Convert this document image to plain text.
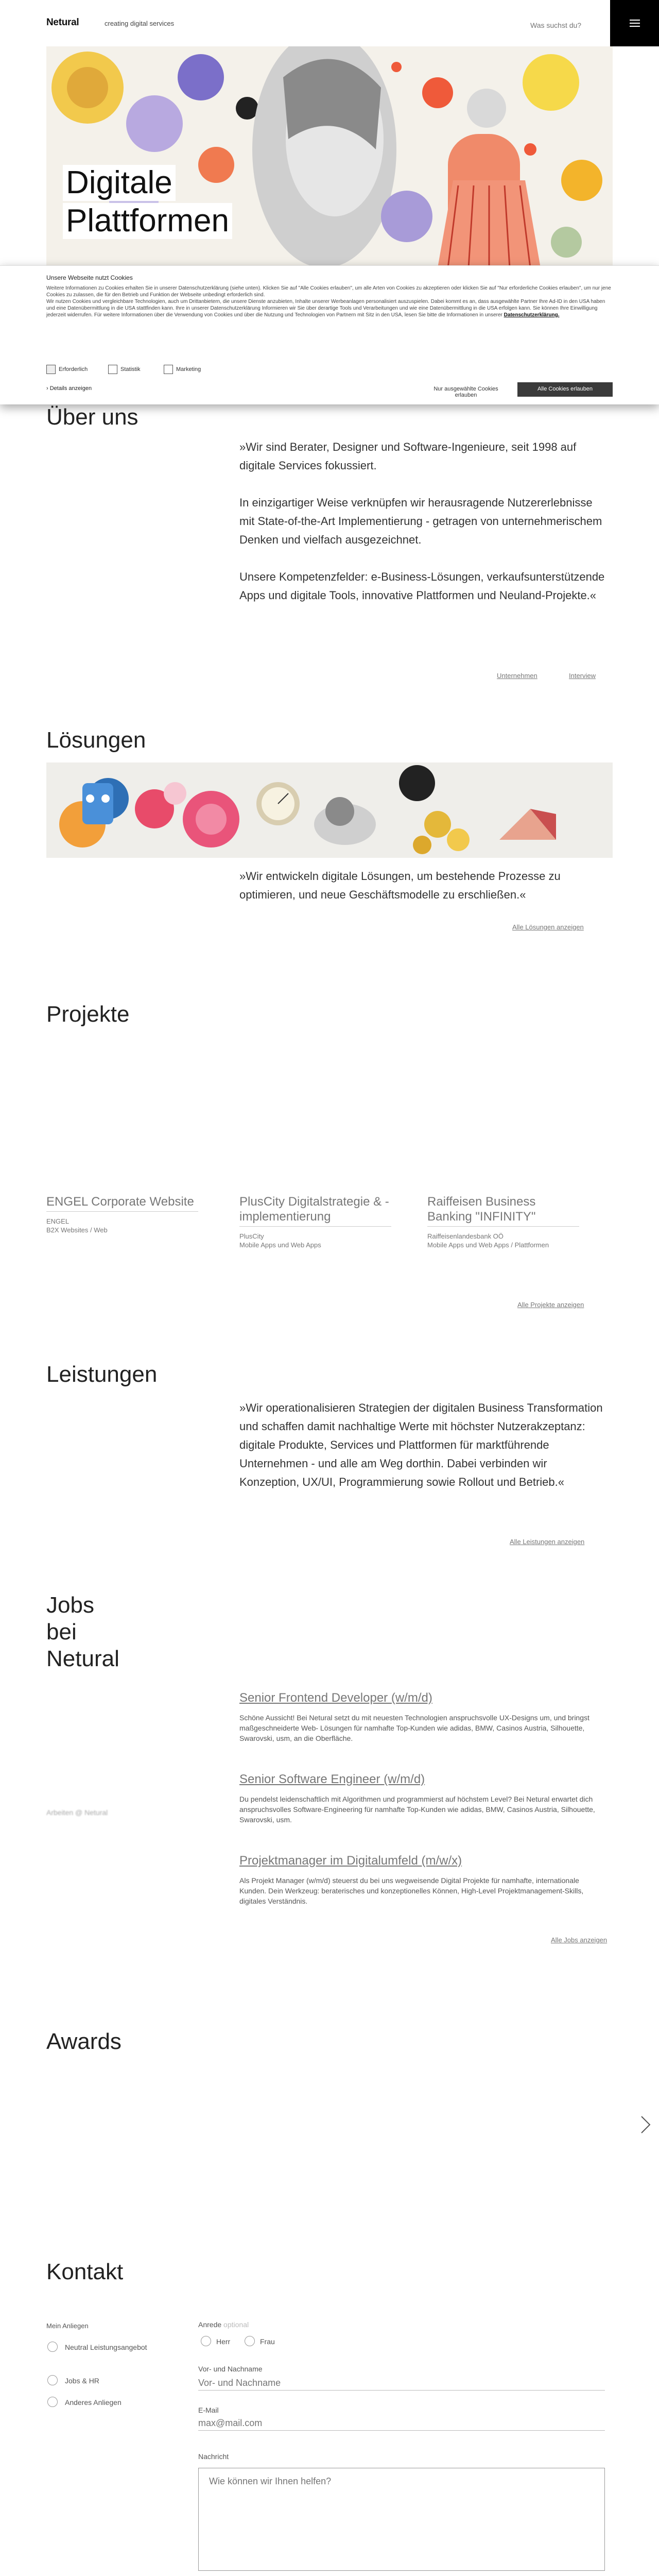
Netural	creating digital services
Was suchst du?
Digitale
Plattformen
Unsere Webseite nutzt Cookies
Weitere Informationen zu Cookies erhalten Sie in unserer Datenschutzerklärung (siehe unten). Klicken Sie auf "Alle Cookies erlauben", um alle Arten von Cookies zu akzeptieren oder klicken Sie auf "Nur erforderliche Cookies erlauben", um nur jene Cookies zu zulassen, die für den Betrieb und Funktion der Webseite unbedingt erforderlich sind.
Wir nutzen Cookies und vergleichbare Technologien, auch um Drittanbietern, die unsere Dienste anzubieten, Inhalte unserer Werbeanlagen personalisiert auszuspielen. Dabei kommt es an, dass ausgewählte Partner Ihre Ad-ID in den USA haben und eine Datenübermittlung in die USA stattfinden kann. Ihre in unserer Datenschutzerklärung Informieren wir Sie über derartige Tools und Verarbeitungen und wie eine Datenübermittlung in die USA erfolgen kann. Sie können Ihre Einwilligung jederzeit widerrufen. Für weitere Informationen über die Verwendung von Cookies und über die Nutzung und Technologien von Partnern mit Sitz in den USA, lesen Sie bitte die Informationen in unserer Datenschutzerklärung.
Erforderlich	Statistik	Marketing
› Details anzeigen	Nur ausgewählte Cookies erlauben
Alle Cookies erlauben
Über uns

»Wir sind Berater, Designer und Software-Ingenieure, seit 1998 auf digitale Services fokussiert.

In einzigartiger Weise verknüpfen wir herausragende Nutzererlebnisse mit State-of-the-Art Implementierung - getragen von unternehmerischem Denken und vielfach ausgezeichnet.

Unsere Kompetenzfelder: e-Business-Lösungen, verkaufsunterstützende Apps und digitale Tools, innovative Plattformen und Neuland-Projekte.«

Unternehmen	Interview
Lösungen

»Wir entwickeln digitale Lösungen, um bestehende Prozesse zu optimieren, und neue Geschäftsmodelle zu erschließen.«

Alle Lösungen anzeigen
Projekte
ENGEL Corporate Website

ENGEL
B2X Websites / Web

PlusCity Digitalstrategie & -implementierung

PlusCity
Mobile Apps und Web Apps

Raiffeisen Business Banking "INFINITY"

Raiffeisenlandesbank OÖ
Mobile Apps und Web Apps / Plattformen

Alle Projekte anzeigen
Leistungen

»Wir operationalisieren Strategien der digitalen Business Transformation und schaffen damit nachhaltige Werte mit höchster Nutzerakzeptanz: digitale Produkte, Services und Plattformen für marktführende Unternehmen - und alle am Weg dorthin. Dabei verbinden wir Konzeption, UX/UI, Programmierung sowie Rollout und Betrieb.«

Alle Leistungen anzeigen
Jobs
bei
Netural
Arbeiten @ Netural
Senior Frontend Developer (w/m/d)

Schöne Aussicht! Bei Netural setzt du mit neuesten Technologien anspruchsvolle UX-Designs um, und bringst maßgeschneiderte Web- Lösungen für namhafte Top-Kunden wie adidas, BMW, Casinos Austria, Silhouette, Swarovski, usm, an die Oberfläche.

Senior Software Engineer (w/m/d)

Du pendelst leidenschaftlich mit Algorithmen und programmierst auf höchstem Level? Bei Netural erwartet dich anspruchsvolles Software-Engineering für namhafte Top-Kunden wie adidas, BMW, Casinos Austria, Silhouette, Swarovski, usm.

Projektmanager im Digitalumfeld (m/w/x)

Als Projekt Manager (w/m/d) steuerst du bei uns wegweisende Digital Projekte für namhafte, internationale Kunden. Dein Werkzeug: beraterisches und konzeptionelles Können, High-Level Projektmanagement-Skills, digitales Verständnis.

Alle Jobs anzeigen
Awards
Kontakt
Mein Anliegen
Neutral Leistungsangebot
Jobs & HR
Anderes Anliegen
Anrede optional
Herr	Frau
Vor- und Nachname
Vor- und Nachname
E-Mail
max@mail.com
Nachricht
Wie können wir Ihnen helfen?
